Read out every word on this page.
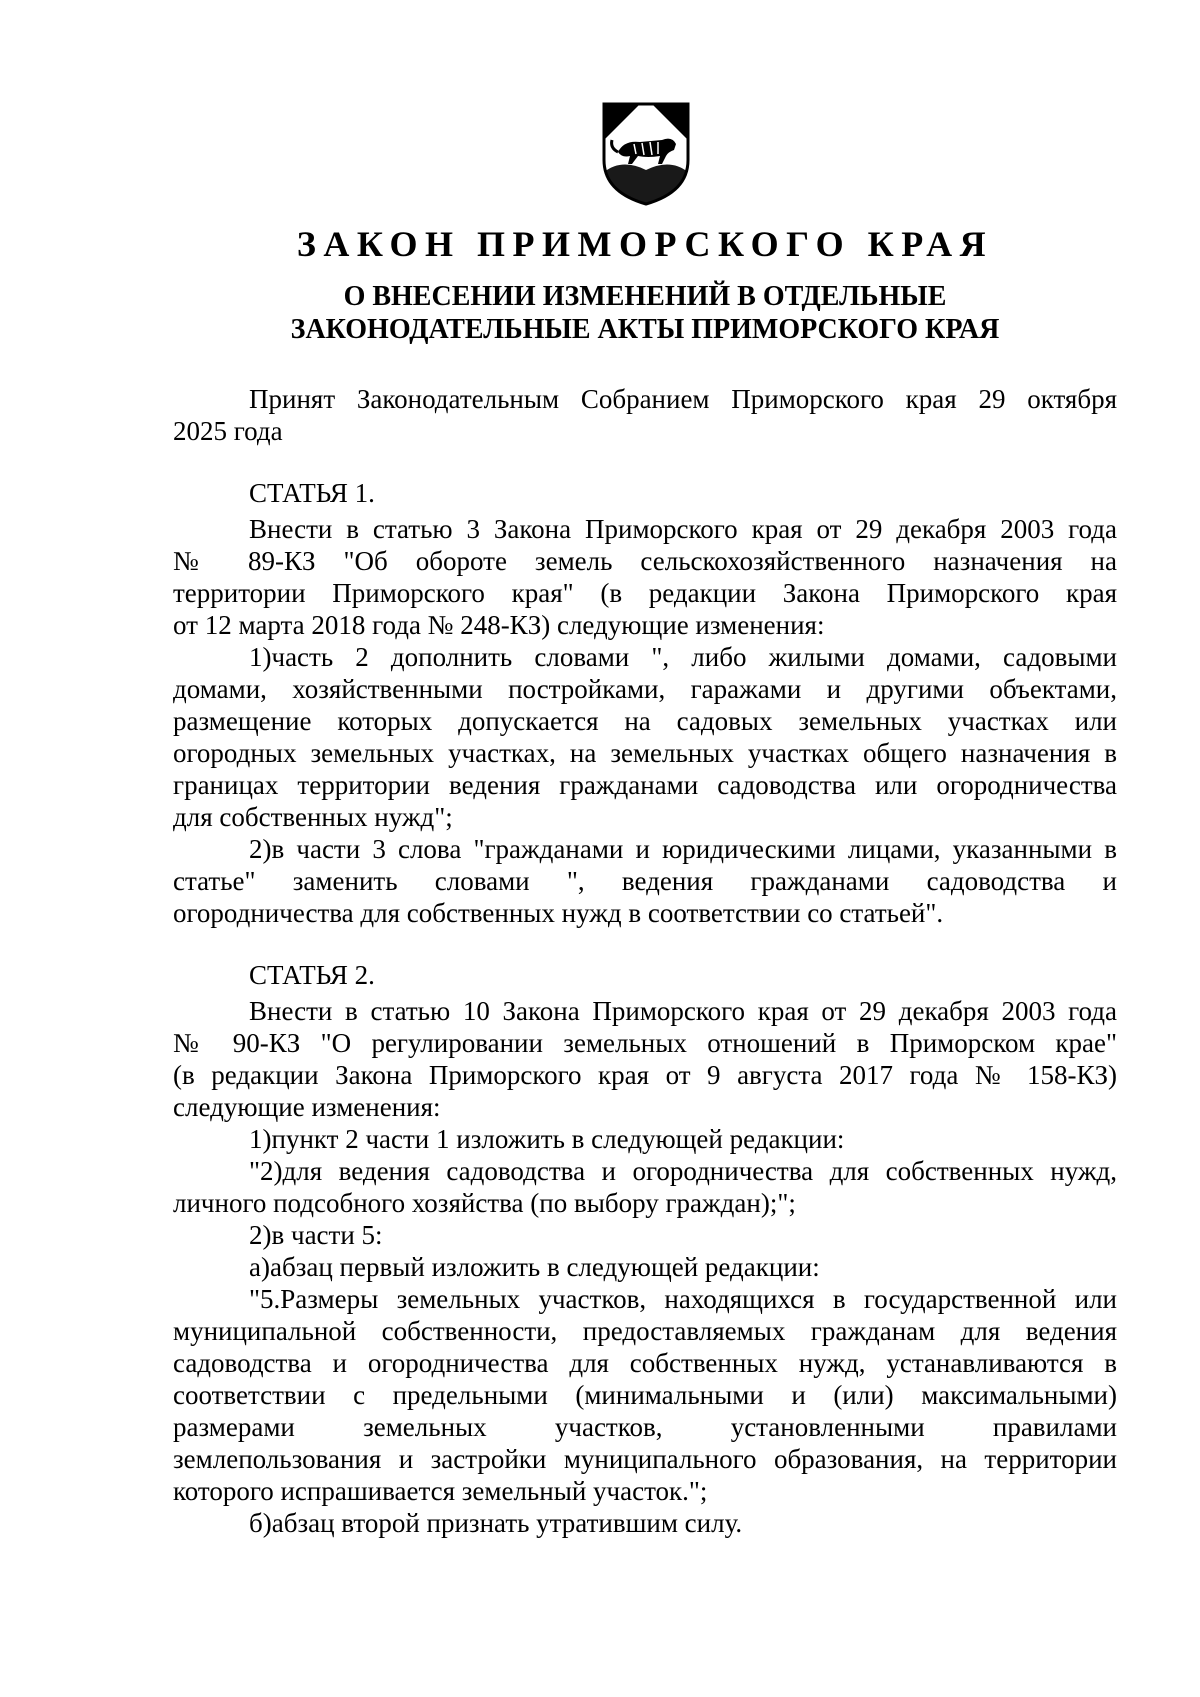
ЗАКОН ПРИМОРСКОГО КРАЯ
О ВНЕСЕНИИ ИЗМЕНЕНИЙ В ОТДЕЛЬНЫЕ
ЗАКОНОДАТЕЛЬНЫЕ АКТЫ ПРИМОРСКОГО КРАЯ
Принят Законодательным Собранием Приморского края 29 октября
2025 года
СТАТЬЯ 1.
Внести в статью 3 Закона Приморского края от 29 декабря 2003 года
№ 89-КЗ "Об обороте земель сельскохозяйственного назначения на
территории Приморского края" (в редакции Закона Приморского края
от 12 марта 2018 года № 248-КЗ) следующие изменения:
1)часть 2 дополнить словами ", либо жилыми домами, садовыми
домами, хозяйственными постройками, гаражами и другими объектами,
размещение которых допускается на садовых земельных участках или
огородных земельных участках, на земельных участках общего назначения в
границах территории ведения гражданами садоводства или огородничества
для собственных нужд";
2)в части 3 слова "гражданами и юридическими лицами, указанными в
статье" заменить словами ", ведения гражданами садоводства и
огородничества для собственных нужд в соответствии со статьей".
СТАТЬЯ 2.
Внести в статью 10 Закона Приморского края от 29 декабря 2003 года
№ 90-КЗ "О регулировании земельных отношений в Приморском крае"
(в редакции Закона Приморского края от 9 августа 2017 года № 158-КЗ)
следующие изменения:
1)пункт 2 части 1 изложить в следующей редакции:
"2)для ведения садоводства и огородничества для собственных нужд,
личного подсобного хозяйства (по выбору граждан);";
2)в части 5:
а)абзац первый изложить в следующей редакции:
"5.Размеры земельных участков, находящихся в государственной или
муниципальной собственности, предоставляемых гражданам для ведения
садоводства и огородничества для собственных нужд, устанавливаются в
соответствии с предельными (минимальными и (или) максимальными)
размерами земельных участков, установленными правилами
землепользования и застройки муниципального образования, на территории
которого испрашивается земельный участок.";
б)абзац второй признать утратившим силу.
